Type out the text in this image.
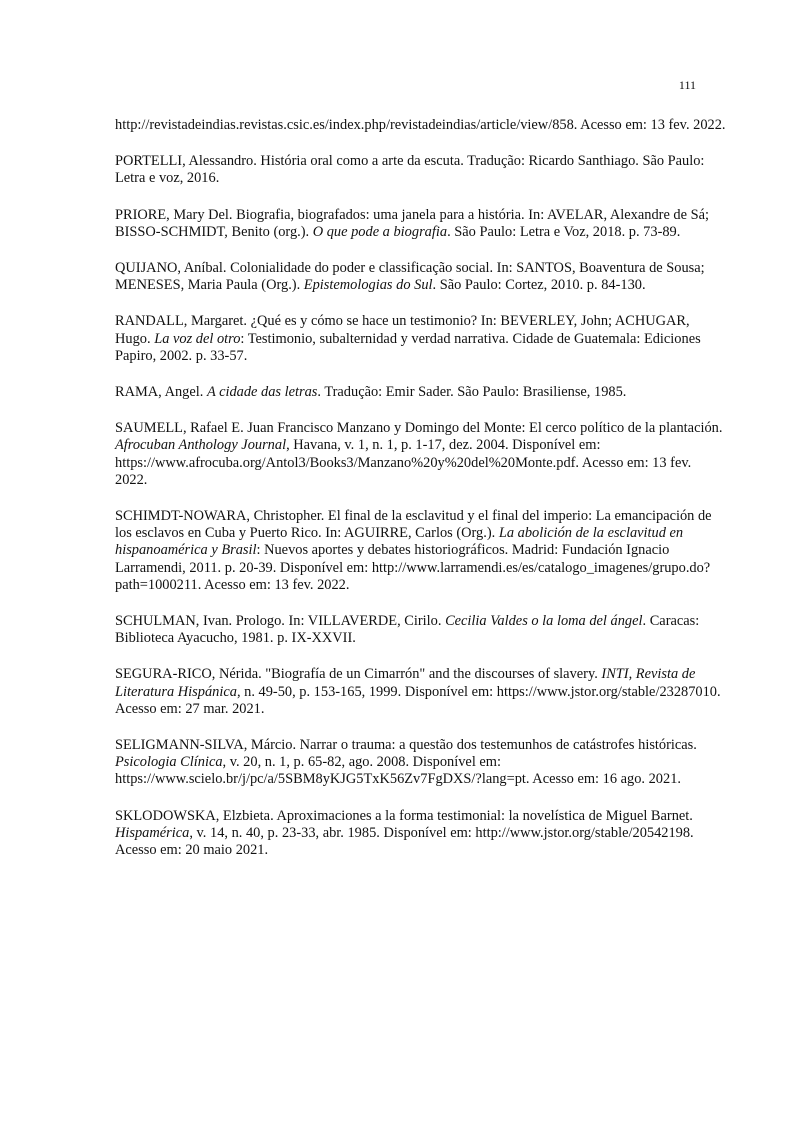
111

http://revistadeindias.revistas.csic.es/index.php/revistadeindias/article/view/858. Acesso em: 13 fev. 2022.

PORTELLI, Alessandro. História oral como a arte da escuta. Tradução: Ricardo Santhiago. São Paulo: Letra e voz, 2016.

PRIORE, Mary Del. Biografia, biografados: uma janela para a história. In: AVELAR, Alexandre de Sá; BISSO-SCHMIDT, Benito (org.). O que pode a biografia. São Paulo: Letra e Voz, 2018. p. 73-89.

QUIJANO, Aníbal. Colonialidade do poder e classificação social. In: SANTOS, Boaventura de Sousa; MENESES, Maria Paula (Org.). Epistemologias do Sul. São Paulo: Cortez, 2010. p. 84-130.

RANDALL, Margaret. ¿Qué es y cómo se hace un testimonio? In: BEVERLEY, John; ACHUGAR, Hugo. La voz del otro: Testimonio, subalternidad y verdad narrativa. Cidade de Guatemala: Ediciones Papiro, 2002. p. 33-57.

RAMA, Angel. A cidade das letras. Tradução: Emir Sader. São Paulo: Brasiliense, 1985.

SAUMELL, Rafael E. Juan Francisco Manzano y Domingo del Monte: El cerco político de la plantación. Afrocuban Anthology Journal, Havana, v. 1, n. 1, p. 1-17, dez. 2004. Disponível em: https://www.afrocuba.org/Antol3/Books3/Manzano%20y%20del%20Monte.pdf. Acesso em: 13 fev. 2022.

SCHIMDT-NOWARA, Christopher. El final de la esclavitud y el final del imperio: La emancipación de los esclavos en Cuba y Puerto Rico. In: AGUIRRE, Carlos (Org.). La abolición de la esclavitud en hispanoamérica y Brasil: Nuevos aportes y debates historiográficos. Madrid: Fundación Ignacio Larramendi, 2011. p. 20-39. Disponível em: http://www.larramendi.es/es/catalogo_imagenes/grupo.do?path=1000211. Acesso em: 13 fev. 2022.

SCHULMAN, Ivan. Prologo. In: VILLAVERDE, Cirilo. Cecilia Valdes o la loma del ángel. Caracas: Biblioteca Ayacucho, 1981. p. IX-XXVII.

SEGURA-RICO, Nérida. "Biografía de un Cimarrón" and the discourses of slavery. INTI, Revista de Literatura Hispánica, n. 49-50, p. 153-165, 1999. Disponível em: https://www.jstor.org/stable/23287010. Acesso em: 27 mar. 2021.

SELIGMANN-SILVA, Márcio. Narrar o trauma: a questão dos testemunhos de catástrofes históricas. Psicologia Clínica, v. 20, n. 1, p. 65-82, ago. 2008. Disponível em: https://www.scielo.br/j/pc/a/5SBM8yKJG5TxK56Zv7FgDXS/?lang=pt. Acesso em: 16 ago. 2021.

SKLODOWSKA, Elzbieta. Aproximaciones a la forma testimonial: la novelística de Miguel Barnet. Hispamérica, v. 14, n. 40, p. 23-33, abr. 1985. Disponível em: http://www.jstor.org/stable/20542198. Acesso em: 20 maio 2021.
